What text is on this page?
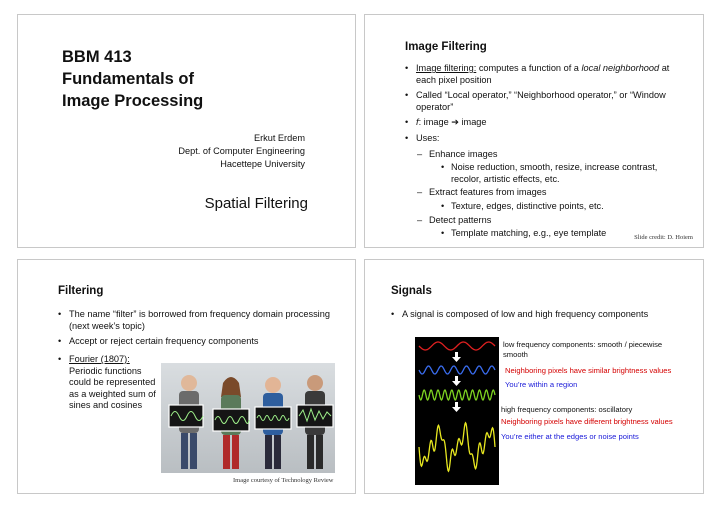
BBM 413
Fundamentals of
Image Processing
Erkut Erdem
Dept. of Computer Engineering
Hacettepe University
Spatial Filtering
Image Filtering
• Image filtering: computes a function of a local neighborhood at each pixel position
• Called “Local operator,” “Neighborhood operator,” or “Window operator”
• f: image ➔ image
• Uses:
– Enhance images
• Noise reduction, smooth, resize, increase contrast, recolor, artistic effects, etc.
– Extract features from images
• Texture, edges, distinctive points, etc.
– Detect patterns
• Template matching, e.g., eye template	Slide credit: D. Hoiem
Filtering
• The name “filter” is borrowed from frequency domain processing (next week’s topic)
• Accept or reject certain frequency components
• Fourier (1807):
Periodic functions could be represented as a weighted sum of sines and cosines
Image courtesy of Technology Review
Signals
• A signal is composed of low and high frequency components
low frequency components: smooth / piecewise smooth
Neighboring pixels have similar brightness values
You’re within a region
high frequency components: oscillatory
Neighboring pixels have different brightness values
You’re either at the edges or noise points
